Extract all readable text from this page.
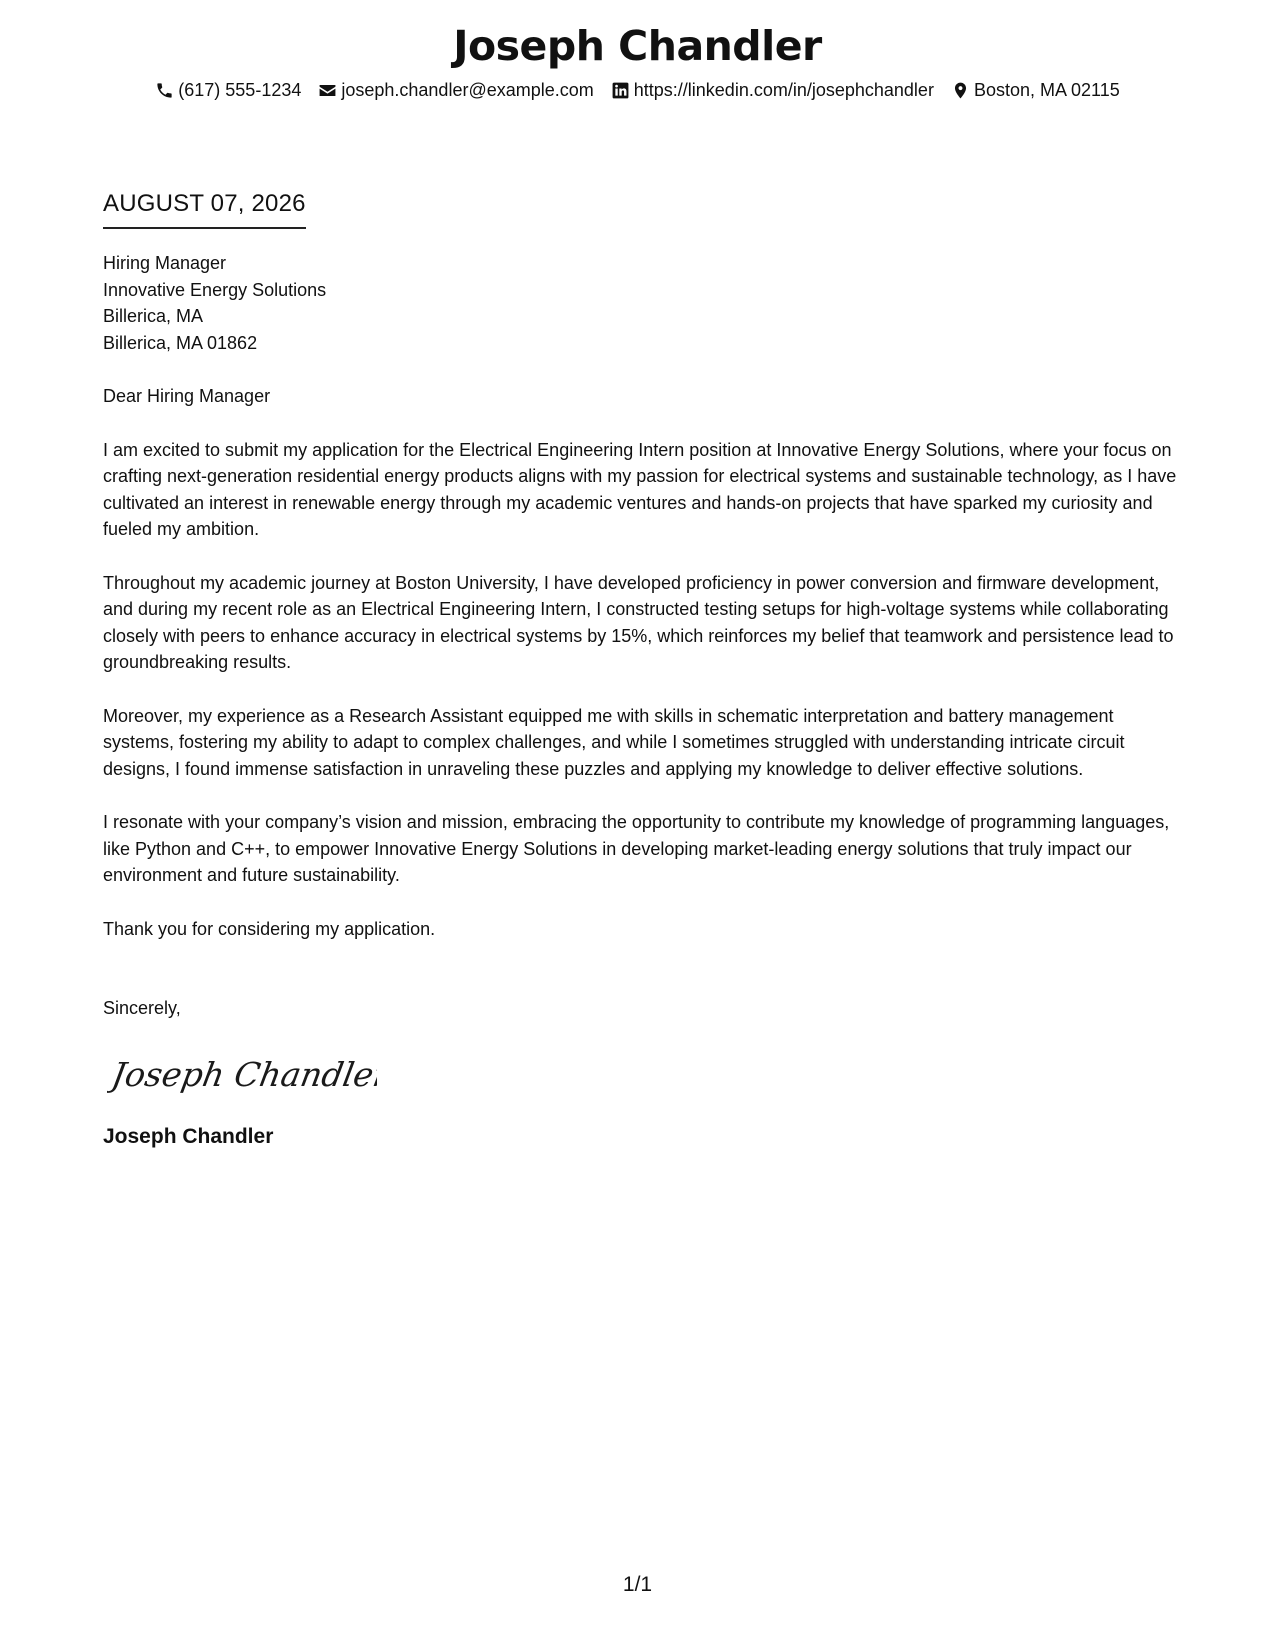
Joseph Chandler
(617) 555-1234 joseph.chandler@example.com https://linkedin.com/in/josephchandler Boston, MA 02115
AUGUST 07, 2026
Hiring Manager
Innovative Energy Solutions
Billerica, MA
Billerica, MA 01862
Dear Hiring Manager

I am excited to submit my application for the Electrical Engineering Intern position at Innovative Energy Solutions, where your focus on crafting next-generation residential energy products aligns with my passion for electrical systems and sustainable technology, as I have cultivated an interest in renewable energy through my academic ventures and hands-on projects that have sparked my curiosity and fueled my ambition.

Throughout my academic journey at Boston University, I have developed proficiency in power conversion and firmware development, and during my recent role as an Electrical Engineering Intern, I constructed testing setups for high-voltage systems while collaborating closely with peers to enhance accuracy in electrical systems by 15%, which reinforces my belief that teamwork and persistence lead to groundbreaking results.

Moreover, my experience as a Research Assistant equipped me with skills in schematic interpretation and battery management systems, fostering my ability to adapt to complex challenges, and while I sometimes struggled with understanding intricate circuit designs, I found immense satisfaction in unraveling these puzzles and applying my knowledge to deliver effective solutions.

I resonate with your company’s vision and mission, embracing the opportunity to contribute my knowledge of programming languages, like Python and C++, to empower Innovative Energy Solutions in developing market-leading energy solutions that truly impact our environment and future sustainability.

Thank you for considering my application.

Sincerely,
Joseph Chandler
Joseph Chandler
1/1
